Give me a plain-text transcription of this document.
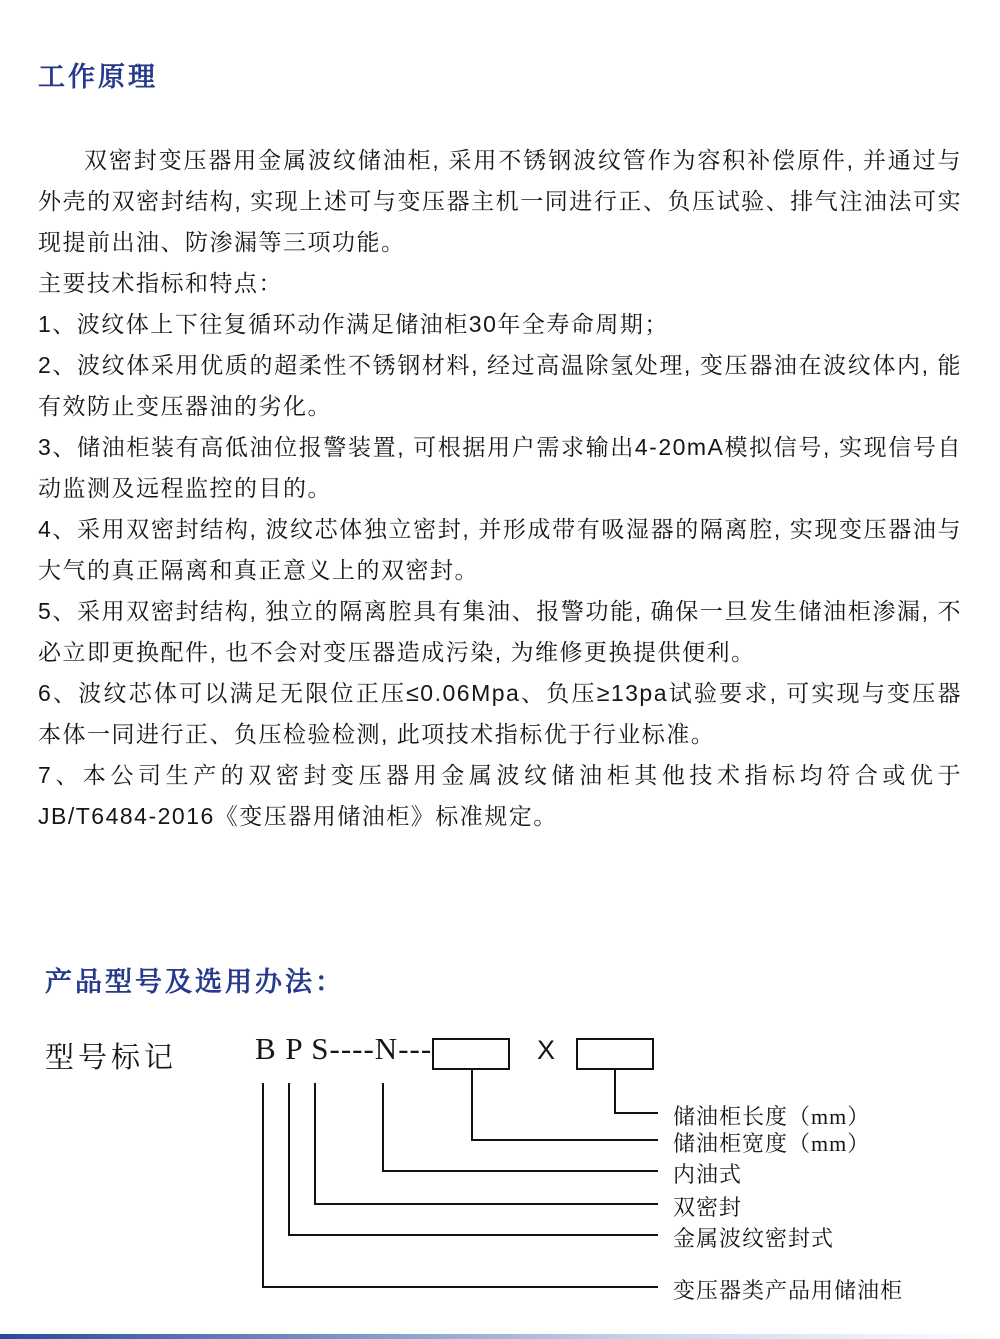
工作原理

双密封变压器用金属波纹储油柜, 采用不锈钢波纹管作为容积补偿原件, 并通过与外壳的双密封结构, 实现上述可与变压器主机一同进行正、负压试验、排气注油法可实现提前出油、防渗漏等三项功能。

主要技术指标和特点：

1、波纹体上下往复循环动作满足储油柜30年全寿命周期；

2、波纹体采用优质的超柔性不锈钢材料, 经过高温除氢处理, 变压器油在波纹体内, 能有效防止变压器油的劣化。

3、储油柜装有高低油位报警装置, 可根据用户需求输出4-20mA模拟信号, 实现信号自动监测及远程监控的目的。

4、采用双密封结构, 波纹芯体独立密封, 并形成带有吸湿器的隔离腔, 实现变压器油与大气的真正隔离和真正意义上的双密封。

5、采用双密封结构, 独立的隔离腔具有集油、报警功能, 确保一旦发生储油柜渗漏, 不必立即更换配件, 也不会对变压器造成污染, 为维修更换提供便利。

6、波纹芯体可以满足无限位正压≤0.06Mpa、负压≥13pa试验要求, 可实现与变压器本体一同进行正、负压检验检测, 此项技术指标优于行业标准。

7、本公司生产的双密封变压器用金属波纹储油柜其他技术指标均符合或优于JB/T6484-2016《变压器用储油柜》标准规定。

产品型号及选用办法：
型号标记	B P S----N---	X
储油柜长度（mm）
储油柜宽度（mm）
内油式
双密封
金属波纹密封式
变压器类产品用储油柜
